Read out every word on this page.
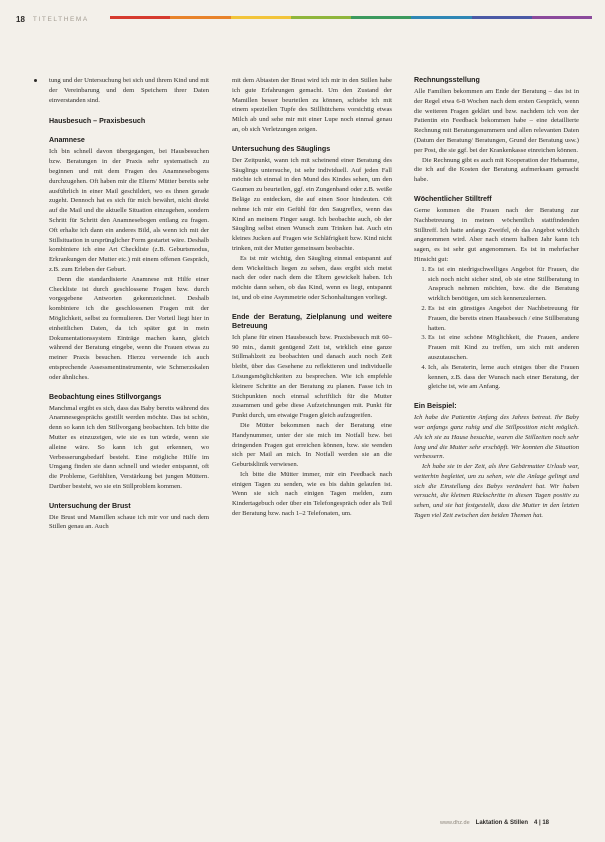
18 TITELTHEMA

tung und der Untersuchung bei sich und ihrem Kind und mit der Vereinbarung und dem Speichern ihrer Daten einverstanden sind.

Hausbesuch – Praxisbesuch
Anamnese

Ich bin schnell davon übergegangen, bei Hausbesuchen bzw. Beratungen in der Praxis sehr systematisch zu beginnen und mit dem Fragen des Anamnesebogens durchzugehen. Oft haben mir die Eltern/ Mütter bereits sehr ausführlich in einer Mail geschildert, wo es ihnen gerade zugeht. Dennoch hat es sich für mich bewährt, nicht direkt auf die Mail und die aktuelle Situation einzugehen, sondern Schritt für Schritt den Anamnesebogen entlang zu fragen. Oft erhalte ich dann ein anderes Bild, als wenn ich mit der Stillsituation in ursprünglicher Form gestartet wäre. Deshalb kombiniere ich eine Art Checkliste (z.B. Geburtsmodus, Erkrankungen der Mutter etc.) mit einem offenen Gespräch, z.B. zum Erleben der Geburt.

Denn die standardisierte Anamnese mit Hilfe einer Checkliste ist durch geschlossene Fragen bzw. durch vorgegebene Antworten gekennzeichnet. Deshalb kombiniere ich die geschlossenen Fragen mit der Möglichkeit, selbst zu formulieren. Der Vorteil liegt hier in einheitlichen Daten, da ich später gut in mein Dokumentationssystem Einträge machen kann, gleich während der Beratung eingebe, wenn die Frauen etwas zu meiner Praxis besuchen. Hierzu verwende ich auch entsprechende Assessmentinstrumente, wie Schmerzskalen oder ähnliches.

Beobachtung eines Stillvorgangs

Manchmal ergibt es sich, dass das Baby bereits während des Anamnesegesprächs gestillt werden möchte. Das ist schön, denn so kann ich den Stillvorgang beobachten. Ich bitte die Mutter es einzuzeigen, wie sie es tun würde, wenn sie alleine wäre. So kann ich gut erkennen, wo Verbesserungsbedarf besteht. Eine mögliche Hilfe im Umgang finden sie dann schnell und wieder entspannt, oft die Probleme, Gefühlten, Verstärkung bei jungen Müttern. Darüber besteht, wo sie ein Stillproblem kommen.

Untersuchung der Brust

Die Brust und Mamillen schaue ich mir vor und nach dem Stillen genau an. Auch

mit dem Abtasten der Brust wird ich mir in den Stillen habe ich gute Erfahrungen gemacht. Um den Zustand der Mamillen besser beurteilen zu können, schiebe ich mit einem speziellen Tupfe des Stillhütchens vorsichtig etwas Milch ab und sehe mir mit einer Lupe noch einmal genau an, ob sich Verletzungen zeigen.

Untersuchung des Säuglings

Der Zeitpunkt, wann ich mit scheinend einer Beratung des Säuglings untersuche, ist sehr individuell. Auf jeden Fall möchte ich einmal in den Mund des Kindes sehen, um den Gaumen zu beurteilen, ggf. ein Zungenband oder z.B. weiße Beläge zu entdecken, die auf einen Soor hindeuten. Oft nehme ich mir ein Gefühl für den Saugreflex, wenn das Kind an meinem Finger saugt. Ich beobachte auch, ob der Säugling selbst einen Wunsch zum Trinken hat. Auch ein kleines Jucken auf Fragen wie Schläfrigkeit bzw. Kind nicht trinken, mit der Mutter gemeinsam beobachte.

Es ist mir wichtig, den Säugling einmal entspannt auf dem Wickeltisch liegen zu sehen, dass ergibt sich meist nach der oder nach dem die Eltern gewickelt haben. Ich möchte dann sehen, ob das Kind, wenn es liegt, entspannt ist, und ob eine Asymmetrie oder Schonhaltungen vorliegt.

Ende der Beratung, Zielplanung und weitere Betreuung

Ich plane für einen Hausbesuch bzw. Praxisbesuch mit 60–90 min., damit genügend Zeit ist, wirklich eine ganze Stillmahlzeit zu beobachten und danach auch noch Zeit bleibt, über das Gesehene zu reflektieren und individuelle Lösungsmöglichkeiten zu besprechen. Wie ich empfehle kleinere Schritte an der Beratung zu planen. Fasse ich in Stichpunkten noch einmal schriftlich für die Mutter zusammen und gebe diese Aufzeichnungen mit. Punkt für Punkt durch, um etwaige Fragen gleich aufzugreifen.

Die Mütter bekommen nach der Beratung eine Handynummer, unter der sie mich im Notfall bzw. bei dringenden Fragen gut erreichen können, bzw. sie wenden sich per Mail an mich. In Notfall werden sie an die Geburtsklinik verwiesen.

Ich bitte die Mütter immer, mir ein Feedback nach einigen Tagen zu senden, wie es bis dahin gelaufen ist. Wenn sie sich nach einigen Tagen melden, zum Kindertagebuch oder über ein Telefongespräch oder als Teil der Beratung bzw. nach 1–2 Telefonaten, um.

Rechnungsstellung

Alle Familien bekommen am Ende der Beratung – das ist in der Regel etwa 6-8 Wochen nach dem ersten Gespräch, wenn die weiteren Fragen geklärt und bzw. nachdem ich von der Patientin ein Feedback bekommen habe – eine detaillierte Rechnung mit Beratungsnummern und allen relevanten Daten (Datum der Beratung/ Beratungen, Grund der Beratung usw.) per Post, die sie ggf. bei der Krankenkasse einreichen können.

Die Rechnung gibt es auch mit Kooperation der Hebamme, die ich auf die Kosten der Beratung aufmerksam gemacht habe.

Wöchentlicher Stilltreff

Gerne kommen die Frauen nach der Beratung zur Nachbetreuung in meinen wöchentlich stattfindenden Stilltreff. Ich hatte anfangs Zweifel, ob das Angebot wirklich angenommen wird. Aber nach einem halben Jahr kann ich sagen, es ist sehr gut angenommen. Es ist in mehrfacher Hinsicht gut:

1. Es ist ein niedrigschwelliges Angebot für Frauen, die sich noch nicht sicher sind, ob sie eine Stillberatung in Anspruch nehmen möchten, bzw. die die Beratung wirklich benötigen, um sich kennenzulernen.
2. Es ist ein günstiges Angebot der Nachbetreuung für Frauen, die bereits einen Hausbesuch / eine Stillberatung hatten.
3. Es ist eine schöne Möglichkeit, die Frauen, andere Frauen mit Kind zu treffen, um sich mit anderen auszutauschen.
4. Ich, als Beraterin, lerne auch einiges über die Frauen kennen, z.B. dass der Wunsch nach einer Beratung, der gleiche ist, wie am Anfang.
Ein Beispiel:

Ich habe die Patientin Anfang des Jahres betreut. Ihr Baby war anfangs ganz ruhig und die Stillposition nicht möglich. Als ich sie zu Hause besuchte, waren die Stillzeiten noch sehr lang und die Mutter sehr erschöpft. Wir konnten die Situation verbessern.

Ich habe sie in der Zeit, als ihre Gebärmutter Urlaub war, weiterhin begleitet, um zu sehen, wie die Anlage gelingt und sich die Einstellung des Babys verändert hat. Wir haben versucht, die kleinen Rückschritte in diesen Tagen positiv zu sehen, und sie hat festgestellt, dass die Mutter in den letzten Tagen viel Zeit zwischen den beiden Themen hat.

www.dhz.de Laktation & Stillen 4 | 18
